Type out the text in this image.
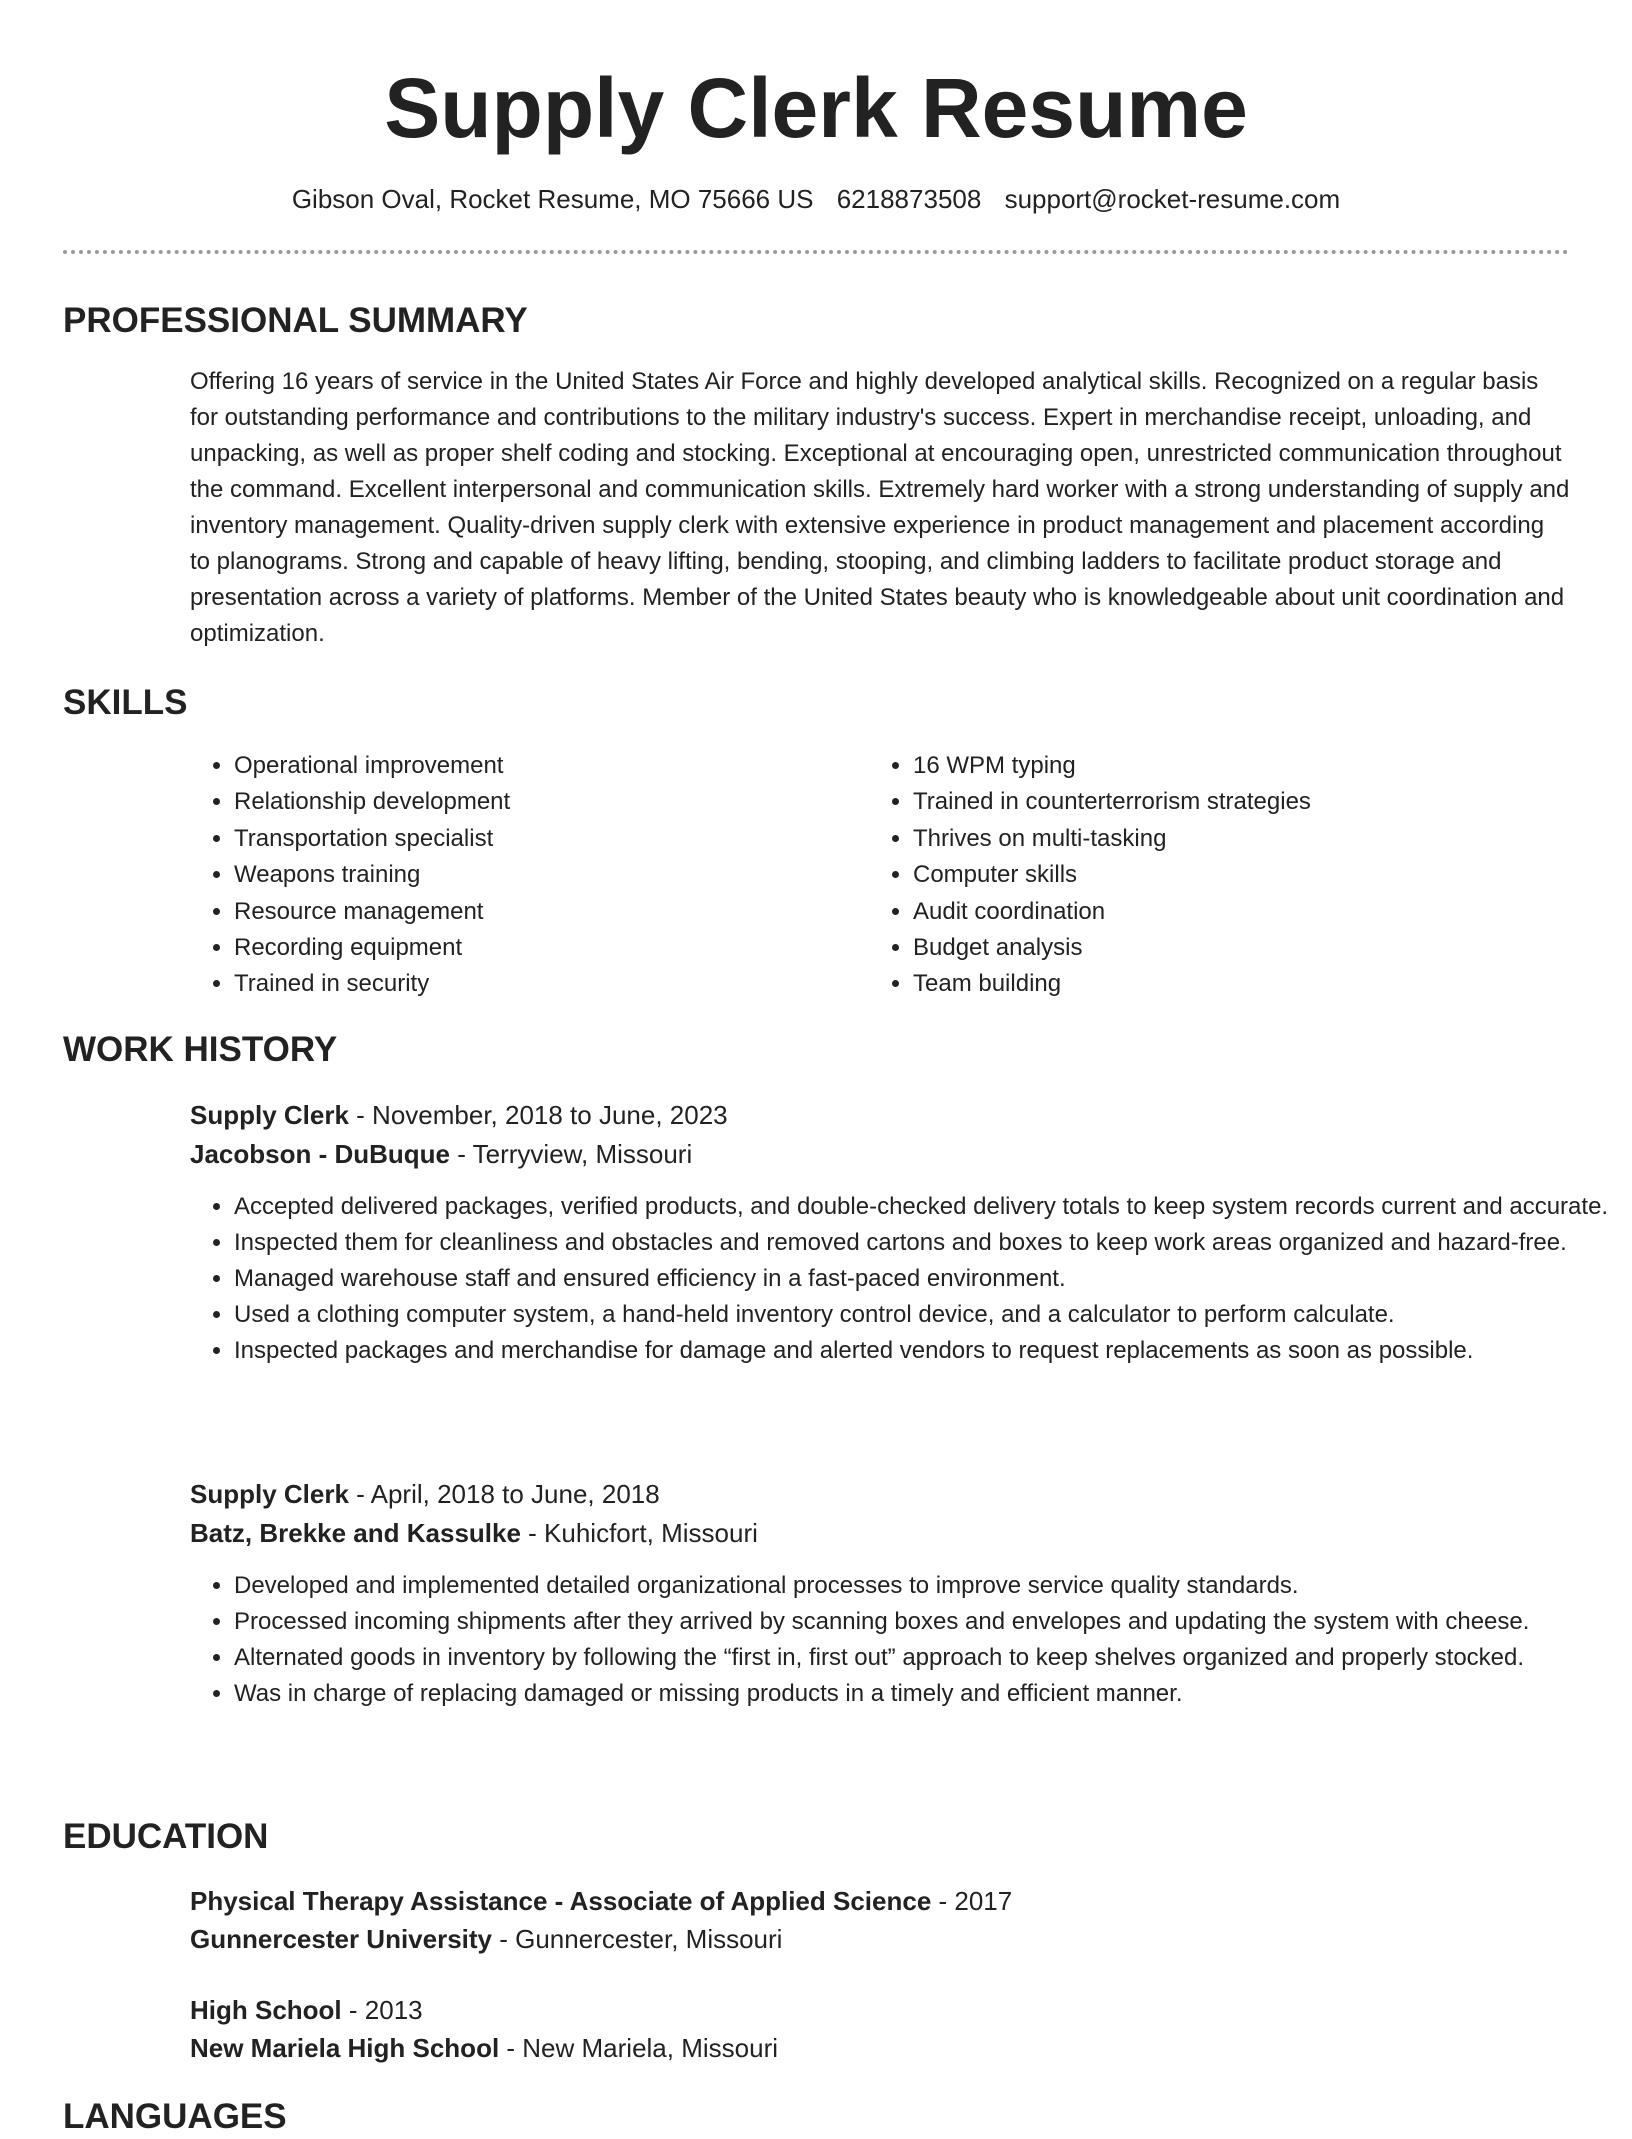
Supply Clerk Resume
Gibson Oval, Rocket Resume, MO 75666 US 6218873508 support@rocket-resume.com
PROFESSIONAL SUMMARY

Offering 16 years of service in the United States Air Force and highly developed analytical skills. Recognized on a regular basis for outstanding performance and contributions to the military industry's success. Expert in merchandise receipt, unloading, and unpacking, as well as proper shelf coding and stocking. Exceptional at encouraging open, unrestricted communication throughout the command. Excellent interpersonal and communication skills. Extremely hard worker with a strong understanding of supply and inventory management. Quality-driven supply clerk with extensive experience in product management and placement according to planograms. Strong and capable of heavy lifting, bending, stooping, and climbing ladders to facilitate product storage and presentation across a variety of platforms. Member of the United States beauty who is knowledgeable about unit coordination and optimization.

SKILLS
• Operational improvement
• Relationship development
• Transportation specialist
• Weapons training
• Resource management
• Recording equipment
• Trained in security
• 16 WPM typing
• Trained in counterterrorism strategies
• Thrives on multi-tasking
• Computer skills
• Audit coordination
• Budget analysis
• Team building
WORK HISTORY
Supply Clerk - November, 2018 to June, 2023
Jacobson - DuBuque - Terryview, Missouri
• Accepted delivered packages, verified products, and double-checked delivery totals to keep system records current and accurate.
• Inspected them for cleanliness and obstacles and removed cartons and boxes to keep work areas organized and hazard-free.
• Managed warehouse staff and ensured efficiency in a fast-paced environment.
• Used a clothing computer system, a hand-held inventory control device, and a calculator to perform calculate.
• Inspected packages and merchandise for damage and alerted vendors to request replacements as soon as possible.
Supply Clerk - April, 2018 to June, 2018
Batz, Brekke and Kassulke - Kuhicfort, Missouri
• Developed and implemented detailed organizational processes to improve service quality standards.
• Processed incoming shipments after they arrived by scanning boxes and envelopes and updating the system with cheese.
• Alternated goods in inventory by following the “first in, first out” approach to keep shelves organized and properly stocked.
• Was in charge of replacing damaged or missing products in a timely and efficient manner.
EDUCATION
Physical Therapy Assistance - Associate of Applied Science - 2017
Gunnercester University - Gunnercester, Missouri
High School - 2013
New Mariela High School - New Mariela, Missouri
LANGUAGES
